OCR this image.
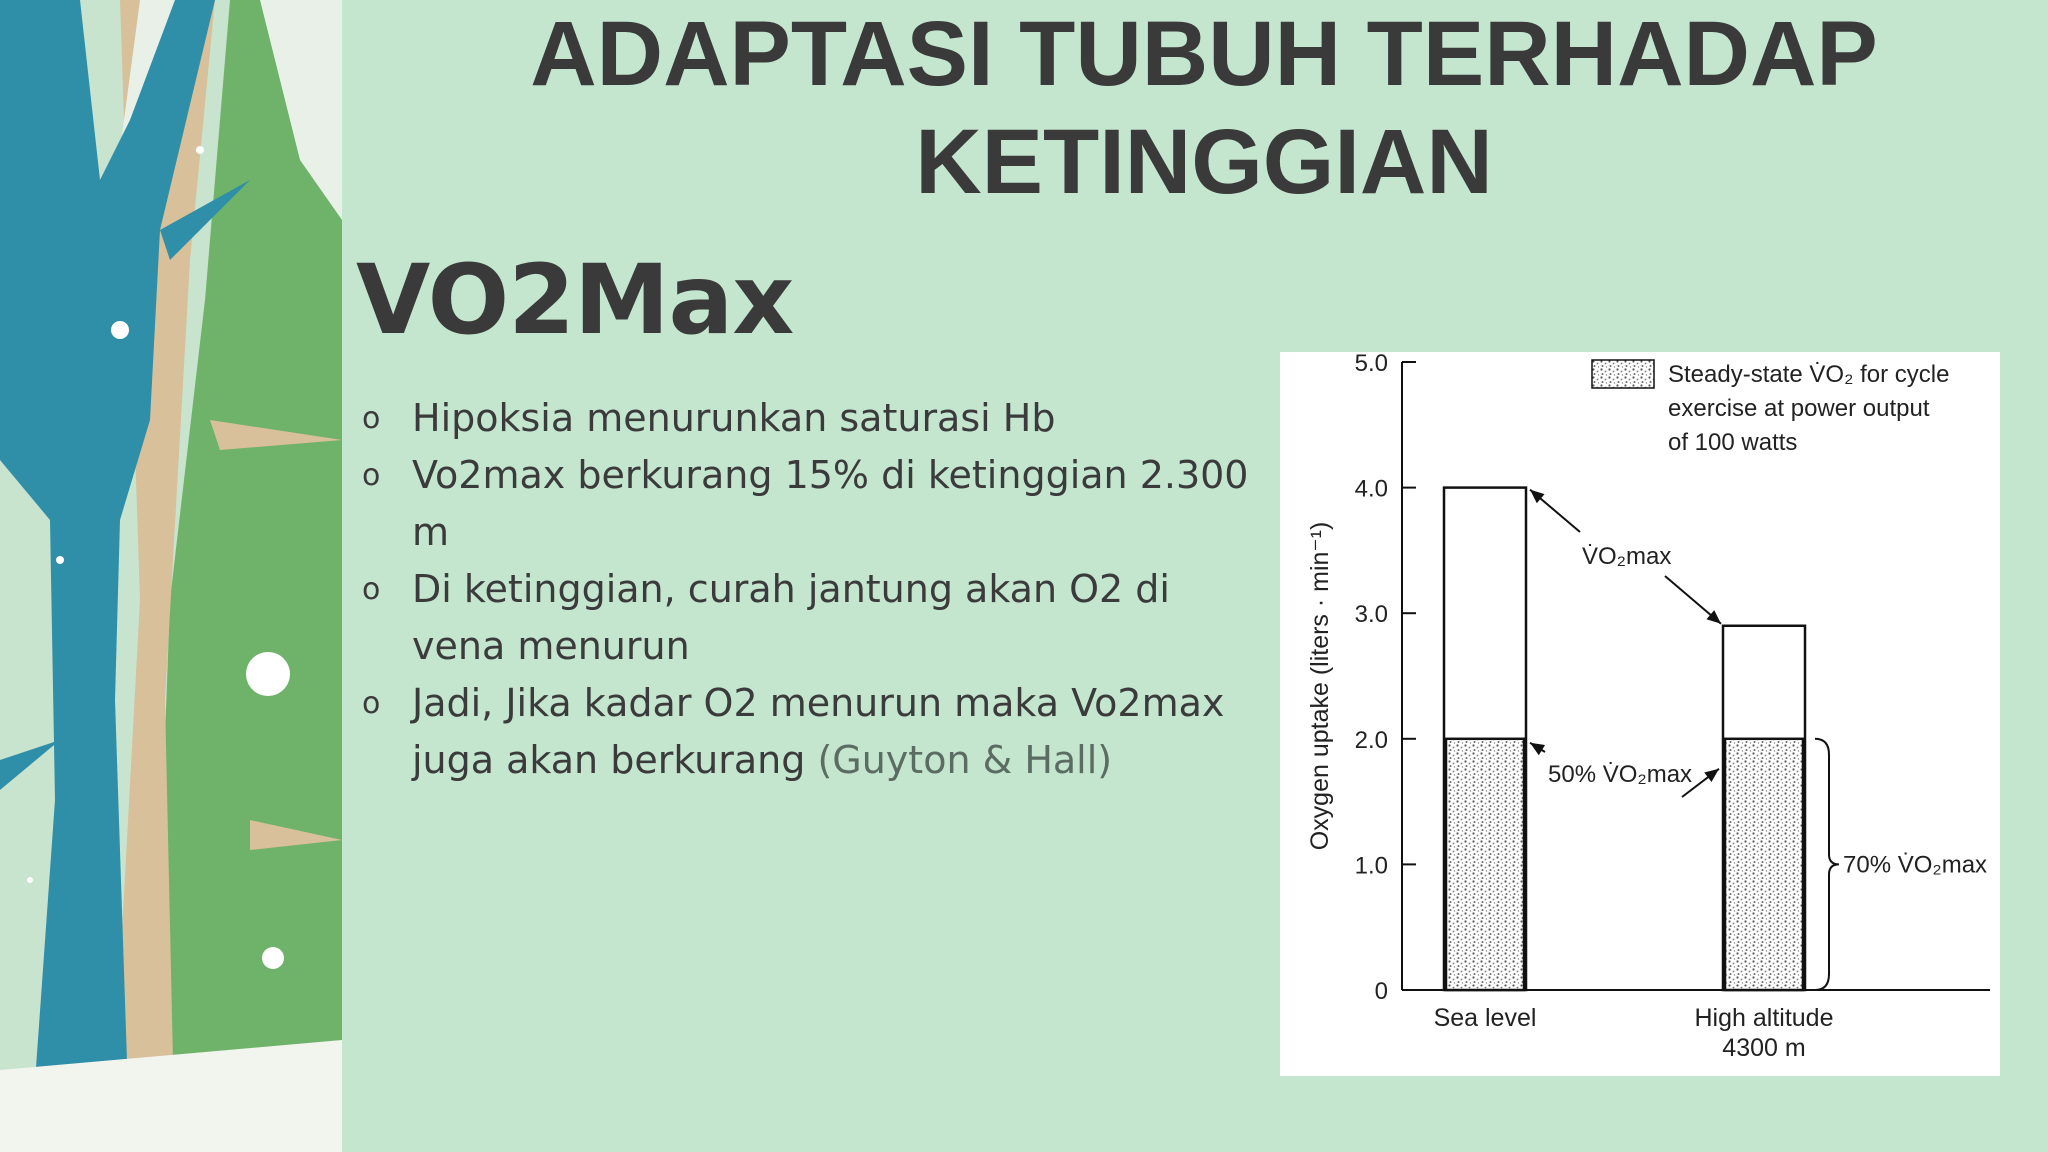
ADAPTASI TUBUH TERHADAP
KETINGGIAN
VO2Max
o Hipoksia menurunkan saturasi Hb
o Vo2max berkurang 15% di ketinggian 2.300 m
o Di ketinggian, curah jantung akan O2 di
vena menurun
o Jadi, Jika kadar O2 menurun maka Vo2max
juga akan berkurang (Guyton & Hall)
0
1.0
2.0
3.0
4.0
5.0
Oxygen uptake (liters · min⁻¹)
Sea level	High altitude
4300 m
V̇O₂max
50% V̇O₂max
70% V̇O₂max
Steady-state V̇O₂ for cycle
exercise at power output
of 100 watts
